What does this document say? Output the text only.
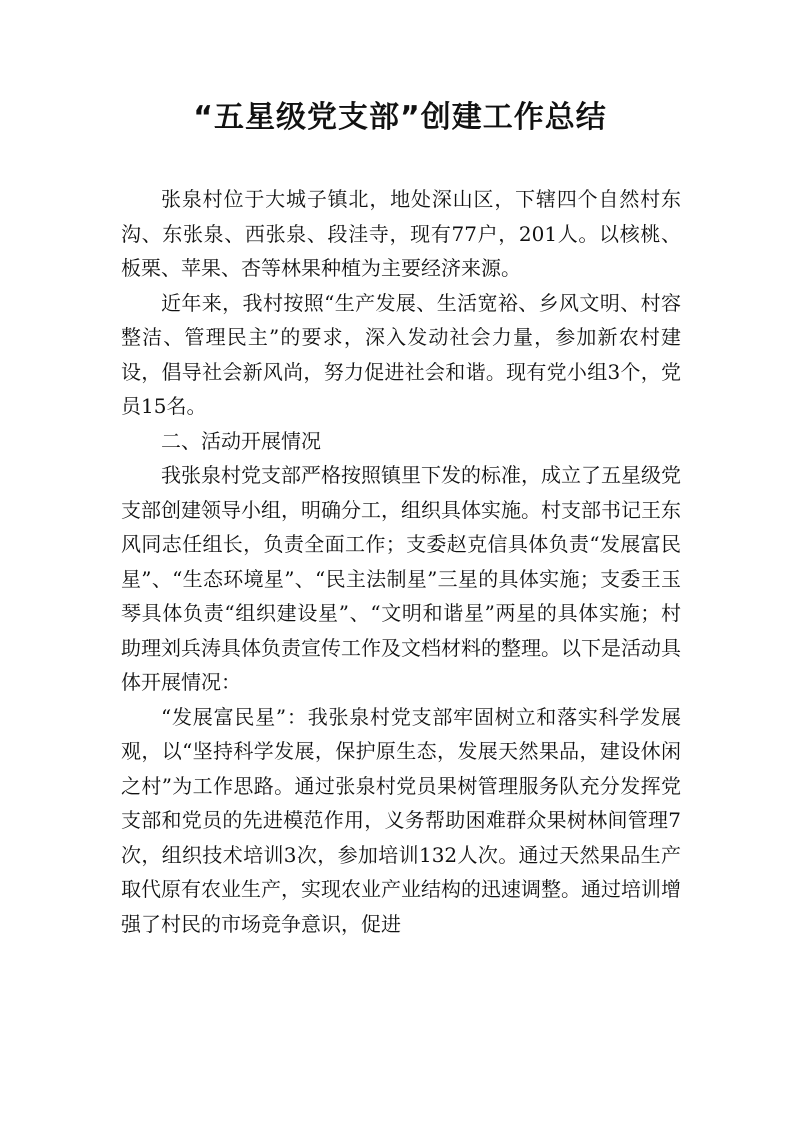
“五星级党支部”创建工作总结

张泉村位于大城子镇北，地处深山区，下辖四个自然村东沟、东张泉、西张泉、段洼寺，现有77户，201人。以核桃、板栗、苹果、杏等林果种植为主要经济来源。

近年来，我村按照“生产发展、生活宽裕、乡风文明、村容整洁、管理民主”的要求，深入发动社会力量，参加新农村建设，倡导社会新风尚，努力促进社会和谐。现有党小组3个，党员15名。

二、活动开展情况

我张泉村党支部严格按照镇里下发的标准，成立了五星级党支部创建领导小组，明确分工，组织具体实施。村支部书记王东风同志任组长，负责全面工作；支委赵克信具体负责“发展富民星”、“生态环境星”、“民主法制星”三星的具体实施；支委王玉琴具体负责“组织建设星”、“文明和谐星”两星的具体实施；村助理刘兵涛具体负责宣传工作及文档材料的整理。以下是活动具体开展情况：

“发展富民星”：我张泉村党支部牢固树立和落实科学发展观，以“坚持科学发展，保护原生态，发展天然果品，建设休闲之村”为工作思路。通过张泉村党员果树管理服务队充分发挥党支部和党员的先进模范作用，义务帮助困难群众果树林间管理7次，组织技术培训3次，参加培训132人次。通过天然果品生产取代原有农业生产，实现农业产业结构的迅速调整。通过培训增强了村民的市场竞争意识，促进
